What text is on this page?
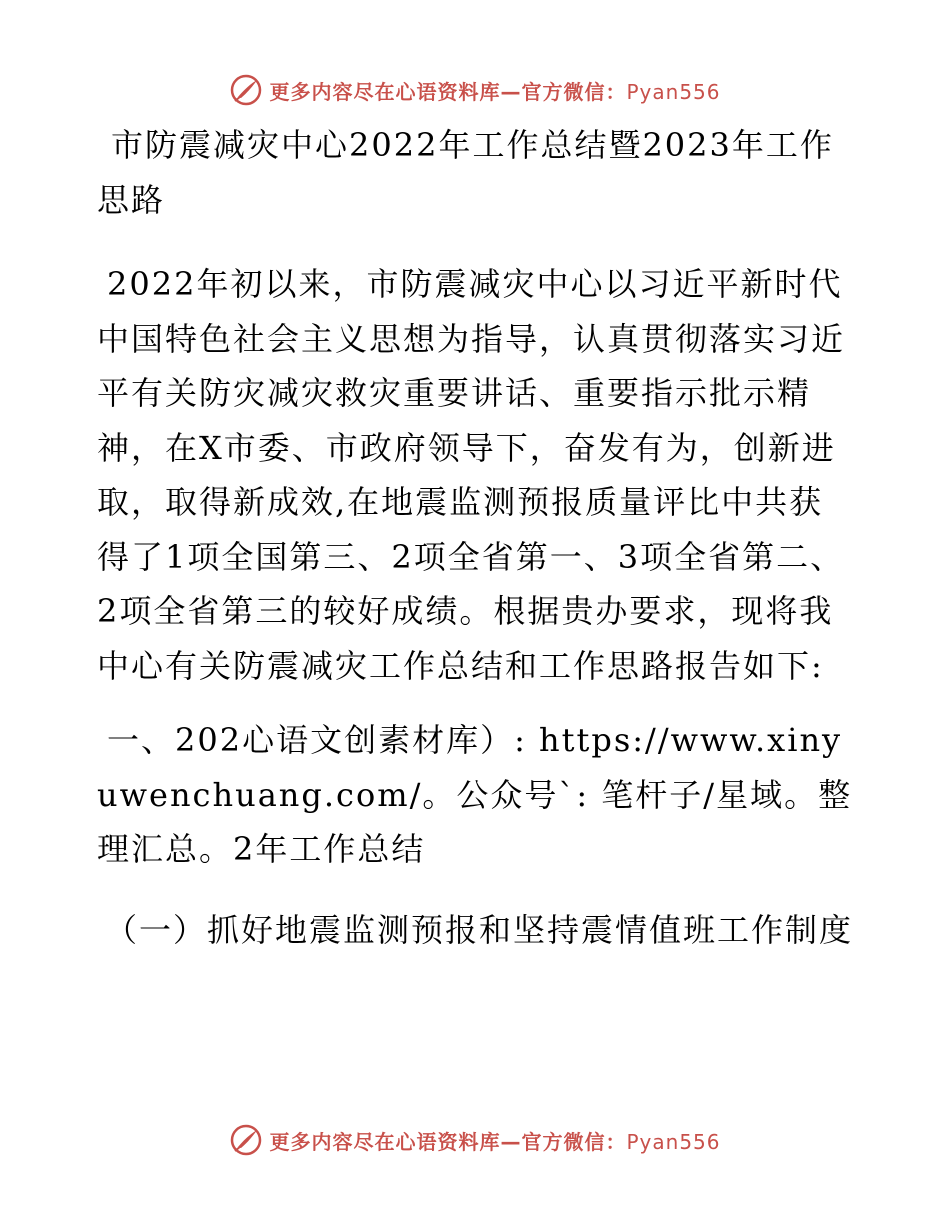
更多内容尽在心语资料库—官方微信：Pyan556

市防震减灾中心2022年工作总结暨2023年工作思路

2022年初以来，市防震减灾中心以习近平新时代中国特色社会主义思想为指导，认真贯彻落实习近平有关防灾减灾救灾重要讲话、重要指示批示精神，在X市委、市政府领导下，奋发有为，创新进取，取得新成效,在地震监测预报质量评比中共获得了1项全国第三、2项全省第一、3项全省第二、2项全省第三的较好成绩。根据贵办要求，现将我中心有关防震减灾工作总结和工作思路报告如下:

一、202心语文创素材库）: https://www.xinyuwenchuang.com/。公众号`: 笔杆子/星域。整理汇总。2年工作总结

（一）抓好地震监测预报和坚持震情值班工作制度

更多内容尽在心语资料库—官方微信：Pyan556
